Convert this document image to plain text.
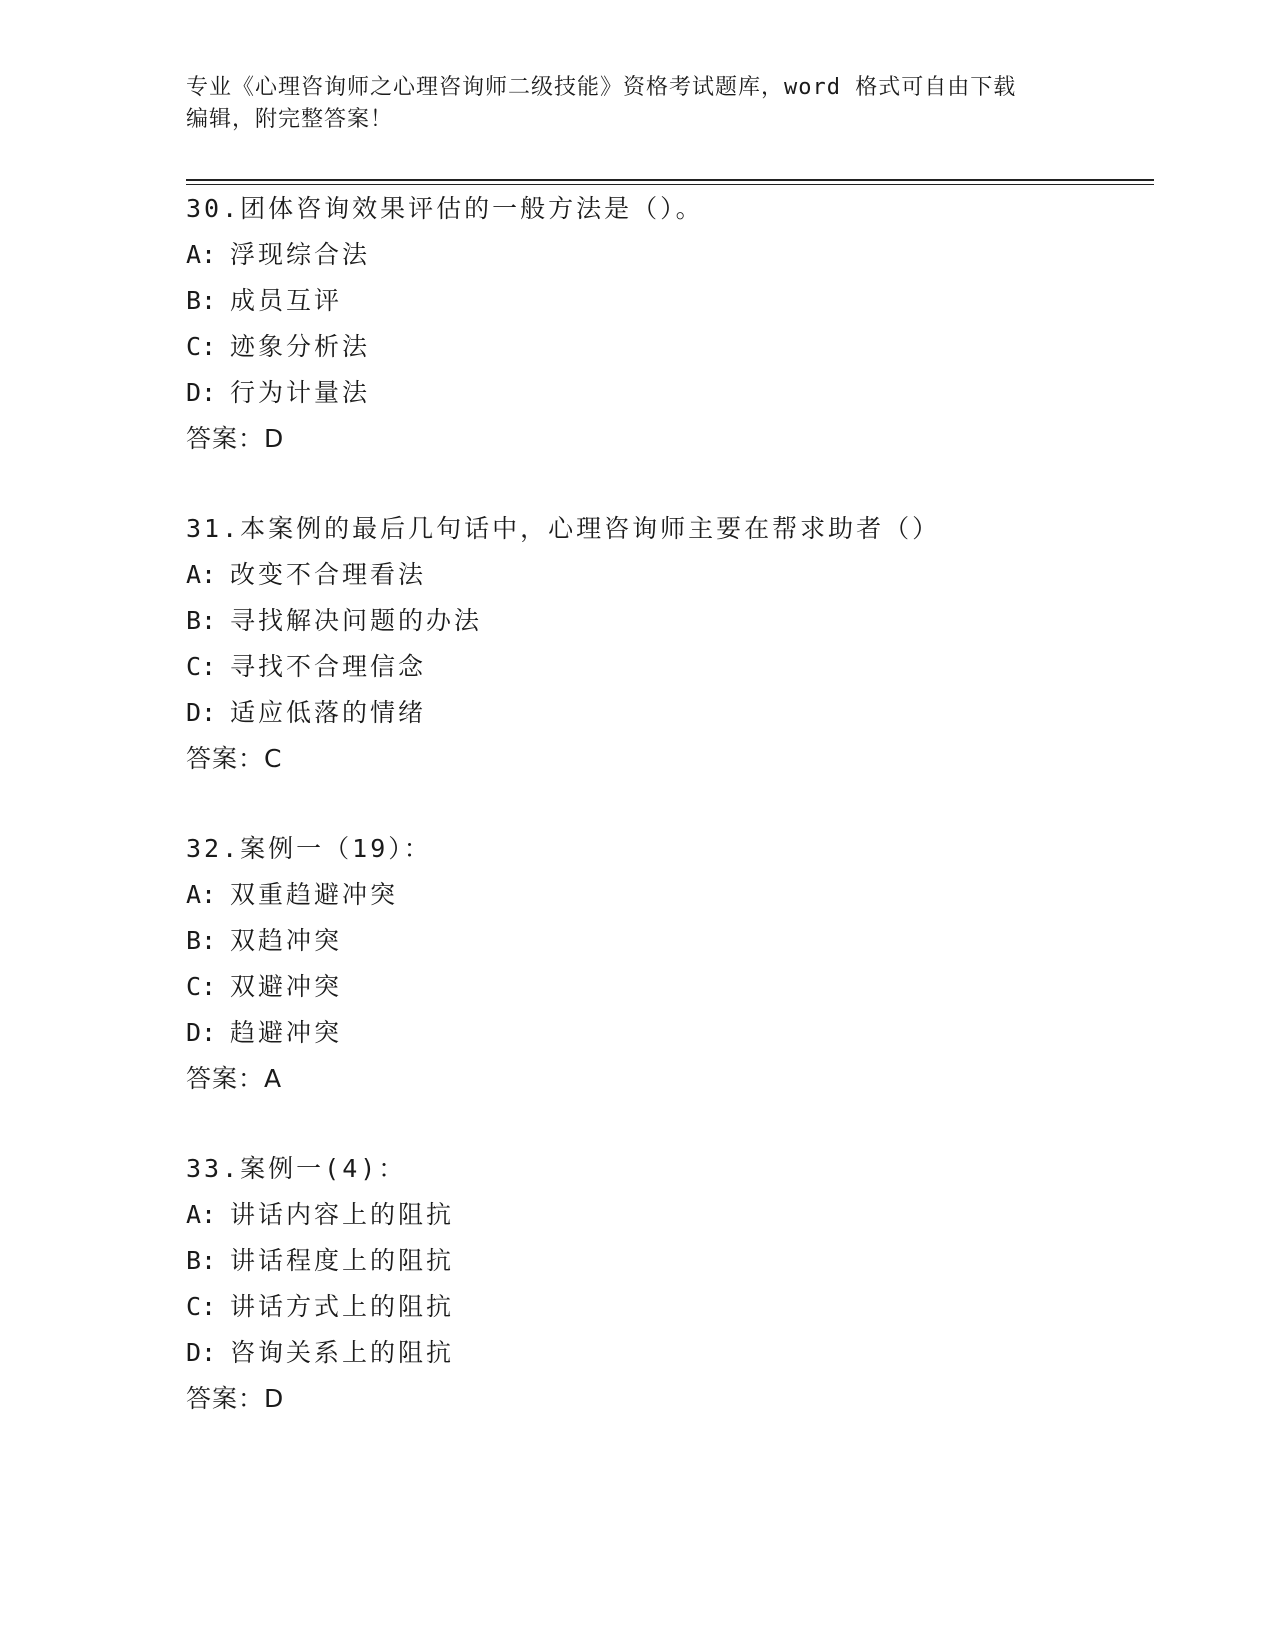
专业《心理咨询师之心理咨询师二级技能》资格考试题库，word 格式可自由下载
编辑，附完整答案！
30.团体咨询效果评估的一般方法是（）。
A: 浮现综合法
B: 成员互评
C: 迹象分析法
D: 行为计量法
答案：D
31.本案例的最后几句话中，心理咨询师主要在帮求助者（）
A: 改变不合理看法
B: 寻找解决问题的办法
C: 寻找不合理信念
D: 适应低落的情绪
答案：C
32.案例一（19）：
A: 双重趋避冲突
B: 双趋冲突
C: 双避冲突
D: 趋避冲突
答案：A
33.案例一(4)：
A: 讲话内容上的阻抗
B: 讲话程度上的阻抗
C: 讲话方式上的阻抗
D: 咨询关系上的阻抗
答案：D
